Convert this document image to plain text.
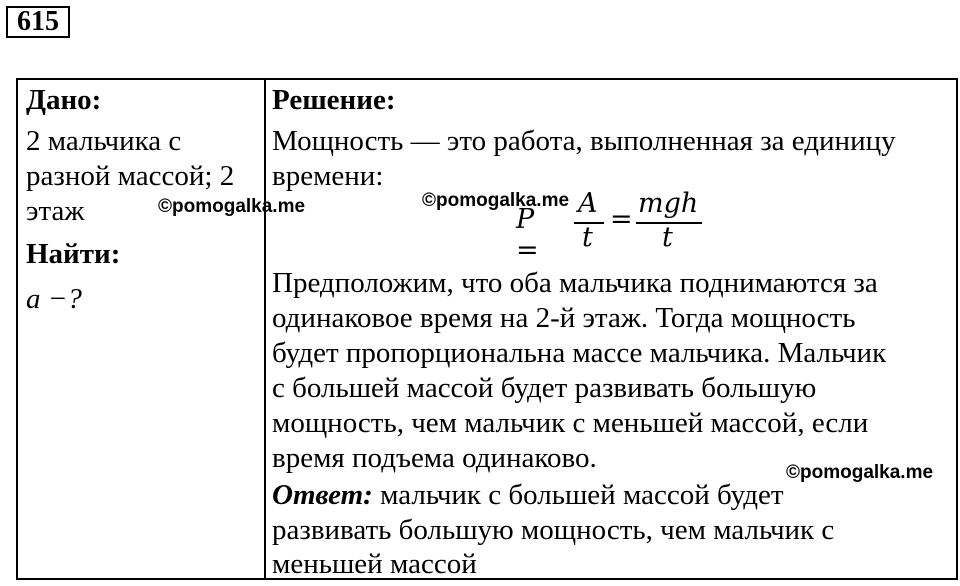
615
Дано:
2 мальчика с
разной массой; 2
этаж
Найти:
a −?
Решение:
Мощность — это работа, выполненная за единицу
времени:
P =
A
t
=
mgh
t
Предположим, что оба мальчика поднимаются за
одинаковое время на 2-й этаж. Тогда мощность
будет пропорциональна массе мальчика. Мальчик
с большей массой будет развивать большую
мощность, чем мальчик с меньшей массой, если
время подъема одинаково.
Ответ: мальчик с большей массой будет
развивать большую мощность, чем мальчик с
меньшей массой
©pomogalka.me	©pomogalka.me
©pomogalka.me
